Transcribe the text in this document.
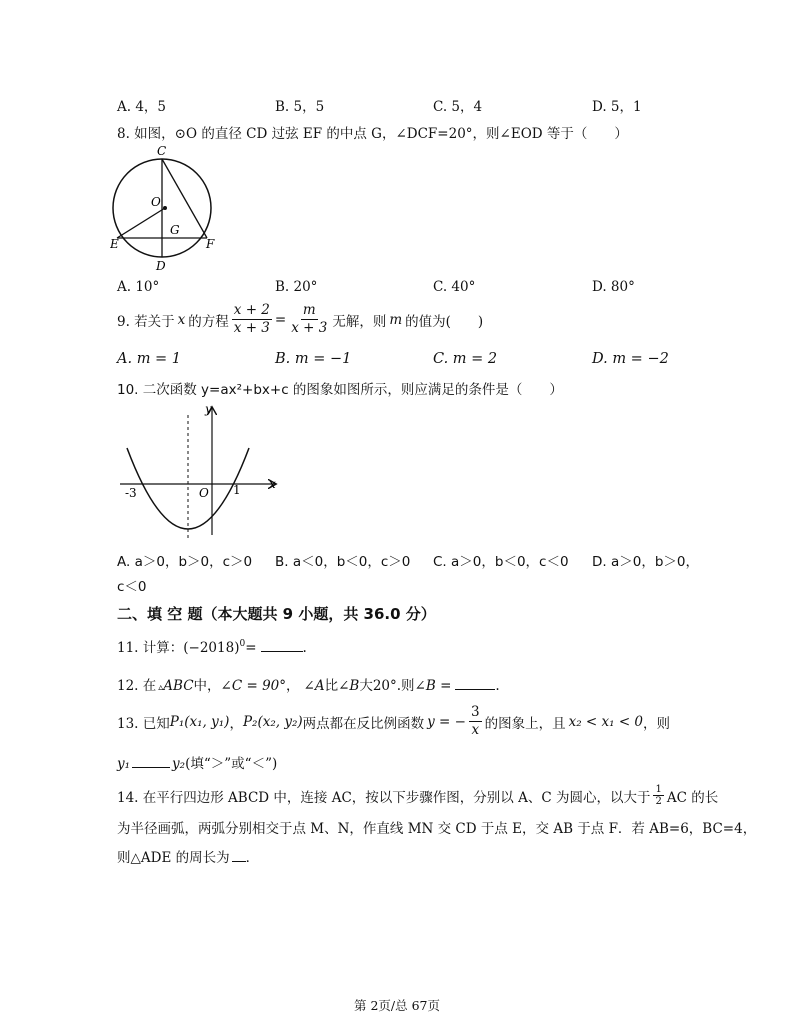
A. 4，5	B. 5，5	C. 5，4	D. 5，1
8. 如图，⊙O 的直径 CD 过弦 EF 的中点 G，∠DCF=20°，则∠EOD 等于（　　）
C
O
G
E	F
D
A. 10°	B. 20°	C. 40°	D. 80°
9. 若关于 x 的方程 $\frac{x + 2}{x + 3} = \frac{m}{x + 3}$ 无解，则 m 的值为(　　)
A. m = 1	B. m = −1	C. m = 2	D. m = −2
10. 二次函数 y=ax²+bx+c 的图象如图所示，则应满足的条件是（　　）
y
x
O
-3	1
A. a＞0，b＞0，c＞0 B. a＜0，b＜0，c＞0 C. a＞0，b＜0，c＜0 D. a＞0，b＞0，
c＜0
二、填 空 题（本大题共 9 小题，共 36.0 分）
11. 计算：$(-2018)^0$ =	.
12. 在 ▵ ABC 中， ∠C = 90° ， ∠A 比 ∠B 大 20° .则 ∠B =	.
13. 已知 P₁(x₁, y₁) ， P₂(x₂, y₂) 两点都在反比例函数 y = − $\frac{3}{x}$ 的图象上，且 x₂ < x₁ < 0 ，则
y₁	y₂ (填“＞”或“＜”)
14. 在平行四边形 ABCD 中，连接 AC，按以下步骤作图，分别以 A、C 为圆心，以大于 $\frac{1}{2}$ AC 的长
为半径画弧，两弧分别相交于点 M、N，作直线 MN 交 CD 于点 E，交 AB 于点 F．若 AB=6，BC=4，
则△ADE 的周长为 ．
第 2页/总 67页
